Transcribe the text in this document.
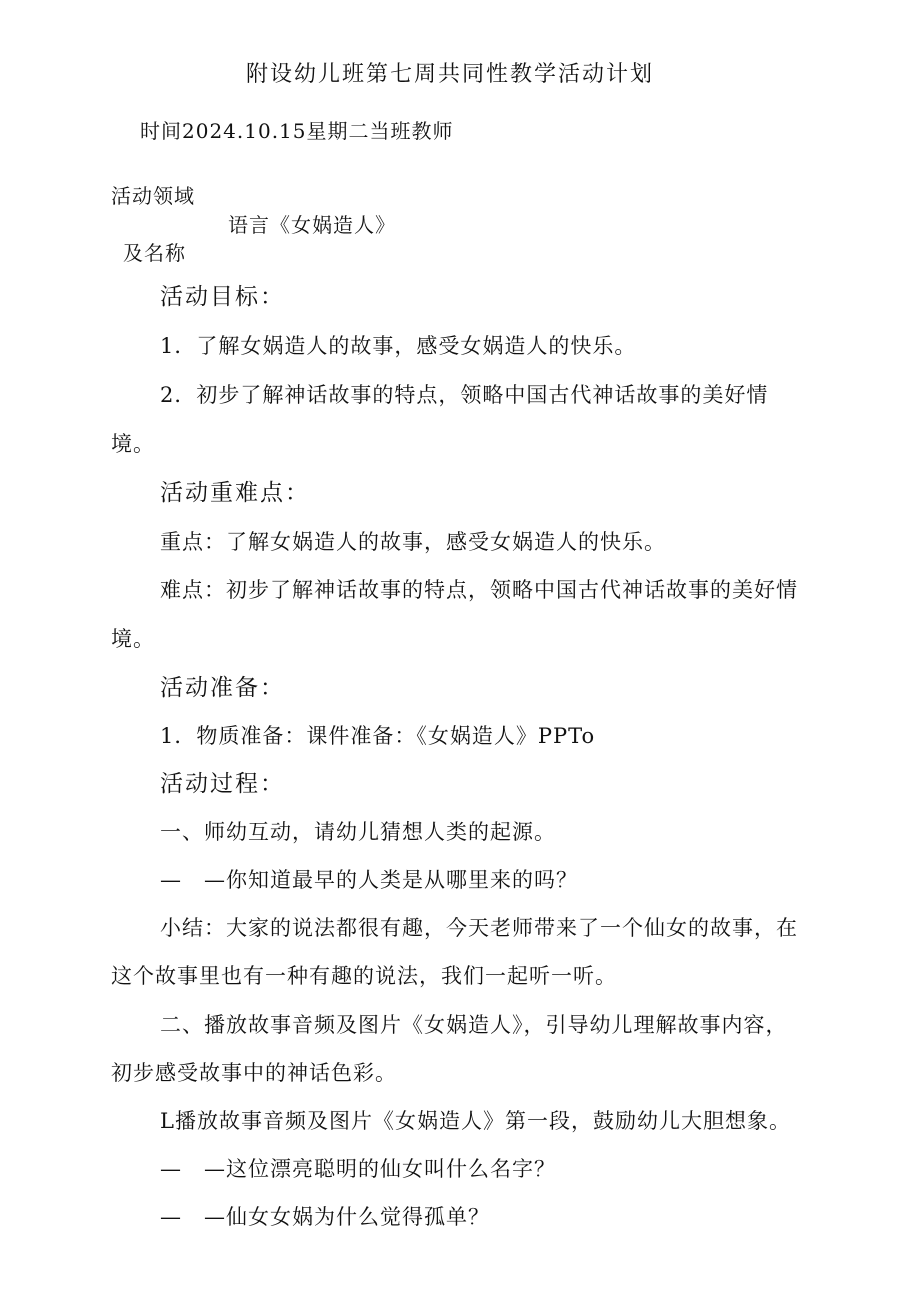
附设幼儿班第七周共同性教学活动计划
时间2024.10.15星期二当班教师
活动领域
语言《女娲造人》
及名称
活动目标：
1．了解女娲造人的故事，感受女娲造人的快乐。
2．初步了解神话故事的特点，领略中国古代神话故事的美好情
境。
活动重难点：
重点：了解女娲造人的故事，感受女娲造人的快乐。
难点：初步了解神话故事的特点，领略中国古代神话故事的美好情
境。
活动准备：
1．物质准备：课件准备：《女娲造人》PPTo
活动过程：
一、师幼互动，请幼儿猜想人类的起源。
—　—你知道最早的人类是从哪里来的吗？
小结：大家的说法都很有趣，今天老师带来了一个仙女的故事，在
这个故事里也有一种有趣的说法，我们一起听一听。
二、播放故事音频及图片《女娲造人》，引导幼儿理解故事内容，
初步感受故事中的神话色彩。
L播放故事音频及图片《女娲造人》第一段，鼓励幼儿大胆想象。
—　—这位漂亮聪明的仙女叫什么名字？
—　—仙女女娲为什么觉得孤单？
